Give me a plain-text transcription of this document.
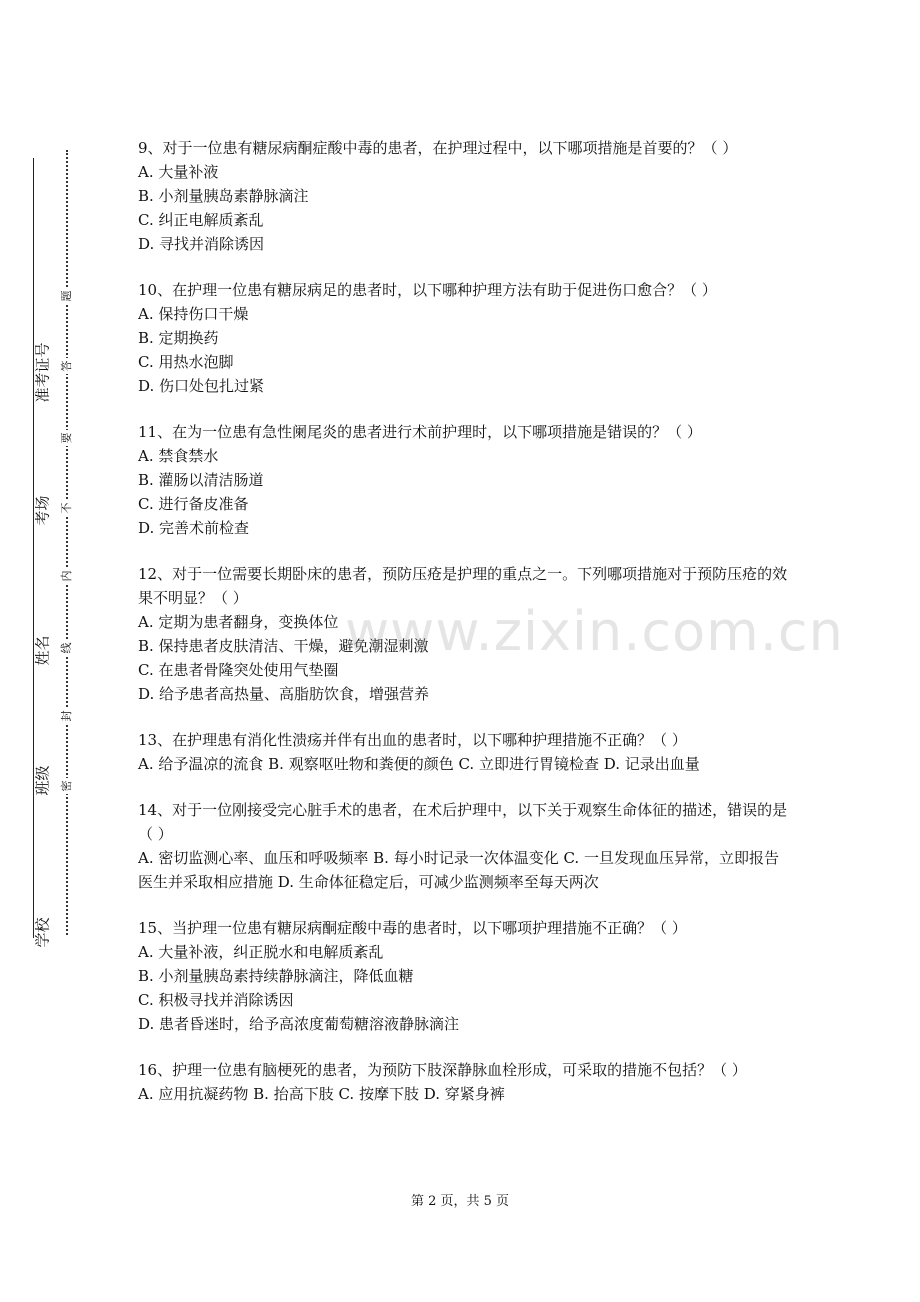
准考证号
考场
姓名
班级
学校
题
答
要
不
内
线
封
密

9、对于一位患有糖尿病酮症酸中毒的患者，在护理过程中，以下哪项措施是首要的？（ ）

A. 大量补液

B. 小剂量胰岛素静脉滴注

C. 纠正电解质紊乱

D. 寻找并消除诱因

10、在护理一位患有糖尿病足的患者时，以下哪种护理方法有助于促进伤口愈合？（ ）

A. 保持伤口干燥

B. 定期换药

C. 用热水泡脚

D. 伤口处包扎过紧

11、在为一位患有急性阑尾炎的患者进行术前护理时，以下哪项措施是错误的？（ ）

A. 禁食禁水

B. 灌肠以清洁肠道

C. 进行备皮准备

D. 完善术前检查

12、对于一位需要长期卧床的患者，预防压疮是护理的重点之一。下列哪项措施对于预防压疮的效果不明显？（ ）

A. 定期为患者翻身，变换体位

B. 保持患者皮肤清洁、干燥，避免潮湿刺激

C. 在患者骨隆突处使用气垫圈

D. 给予患者高热量、高脂肪饮食，增强营养

13、在护理患有消化性溃疡并伴有出血的患者时，以下哪种护理措施不正确？（ ）

A. 给予温凉的流食 B. 观察呕吐物和粪便的颜色 C. 立即进行胃镜检查 D. 记录出血量

14、对于一位刚接受完心脏手术的患者，在术后护理中，以下关于观察生命体征的描述，错误的是（ ）

A. 密切监测心率、血压和呼吸频率 B. 每小时记录一次体温变化 C. 一旦发现血压异常，立即报告医生并采取相应措施 D. 生命体征稳定后，可减少监测频率至每天两次

15、当护理一位患有糖尿病酮症酸中毒的患者时，以下哪项护理措施不正确？（ ）

A. 大量补液，纠正脱水和电解质紊乱

B. 小剂量胰岛素持续静脉滴注，降低血糖

C. 积极寻找并消除诱因

D. 患者昏迷时，给予高浓度葡萄糖溶液静脉滴注

16、护理一位患有脑梗死的患者，为预防下肢深静脉血栓形成，可采取的措施不包括？（ ）

A. 应用抗凝药物 B. 抬高下肢 C. 按摩下肢 D. 穿紧身裤

www.zixin.com.cn
第 2 页，共 5 页
